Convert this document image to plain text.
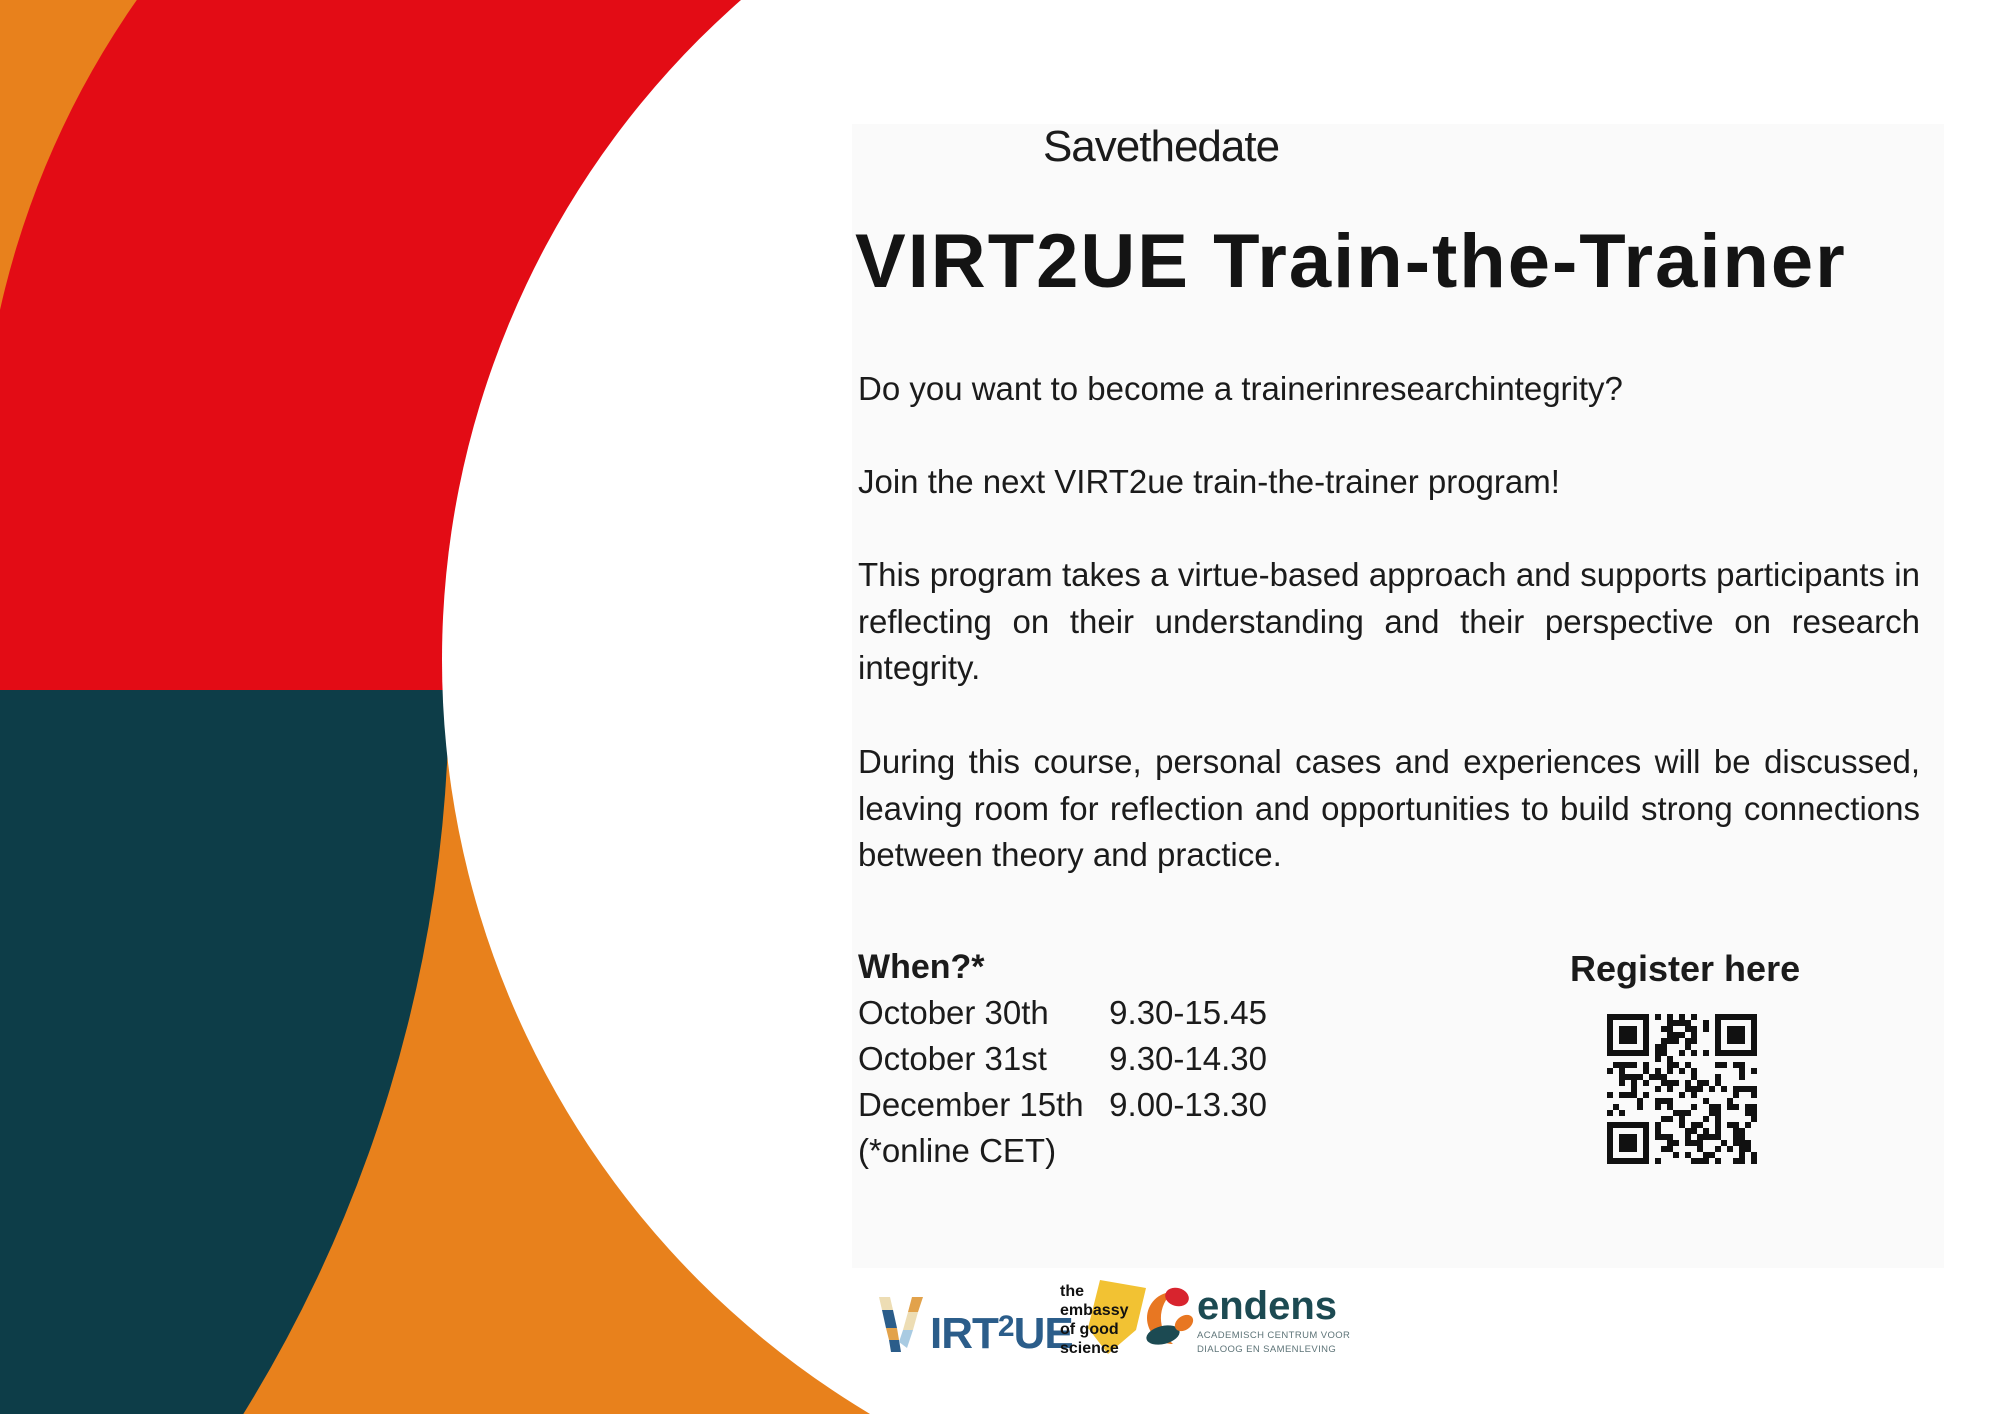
Savethedate
VIRT2UE Train-the-Trainer

Do you want to become a trainerinresearchintegrity?

Join the next VIRT2ue train-the-trainer program!

This program takes a virtue-based approach and supports participants in reflecting on their understanding and their perspective on research integrity.

During this course, personal cases and experiences will be discussed, leaving room for reflection and opportunities to build strong connections between theory and practice.

When?*
October 30th 9.30-15.45
October 31st 9.30-14.30
December 15th 9.00-13.30
(*online CET)
Register here
IRT$^2$UE
the
embassy
of good
science
endens
ACADEMISCH CENTRUM VOOR
DIALOOG EN SAMENLEVING
